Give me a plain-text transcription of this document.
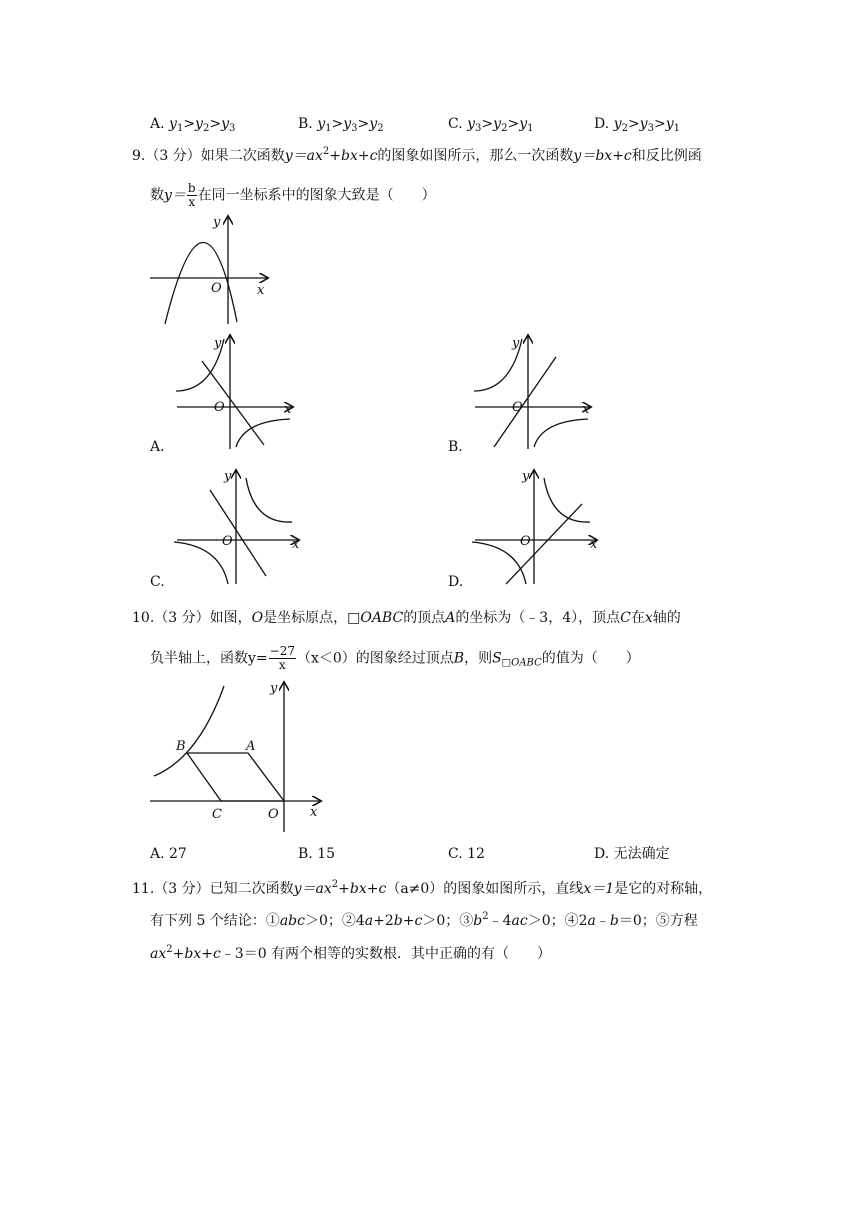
A. $y_1>y_2>y_3$	B. $y_1>y_3>y_2$	C. $y_3>y_2>y_1$	D. $y_2>y_3>y_1$
9.（3 分）如果二次函数$y=ax^2+bx+c$的图象如图所示，那么一次函数y＝bx+c和反比例函
数$y= \frac{b}{x}$ 在同一坐标系中的图象大致是（　　）
y
x
O
y
x
O
A.
y
x
O
B.
y
x
O
C.
y
x
O
D.
10.（3 分）如图，O是坐标原点，□OABC的顶点A的坐标为（﹣3，4），顶点C在x轴的
负半轴上，函数$y= \frac{-27}{x} (x<0)$的图象经过顶点B，则$S_{□OABC}$的值为（　　）
B	A
C	O x
y
A. 27	B. 15	C. 12	D. 无法确定
11.（3 分）已知二次函数$y=ax^2+bx+c(a\ne 0)$的图象如图所示，直线x＝1是它的对称轴，
有下列 5 个结论：①abc＞0；②4a+2b+c＞0；$③b^2﹣4ac>0$；④2a﹣b＝0；⑤方程
$ax^2+bx+c﹣3=0$ 有两个相等的实数根．其中正确的有（　　）
